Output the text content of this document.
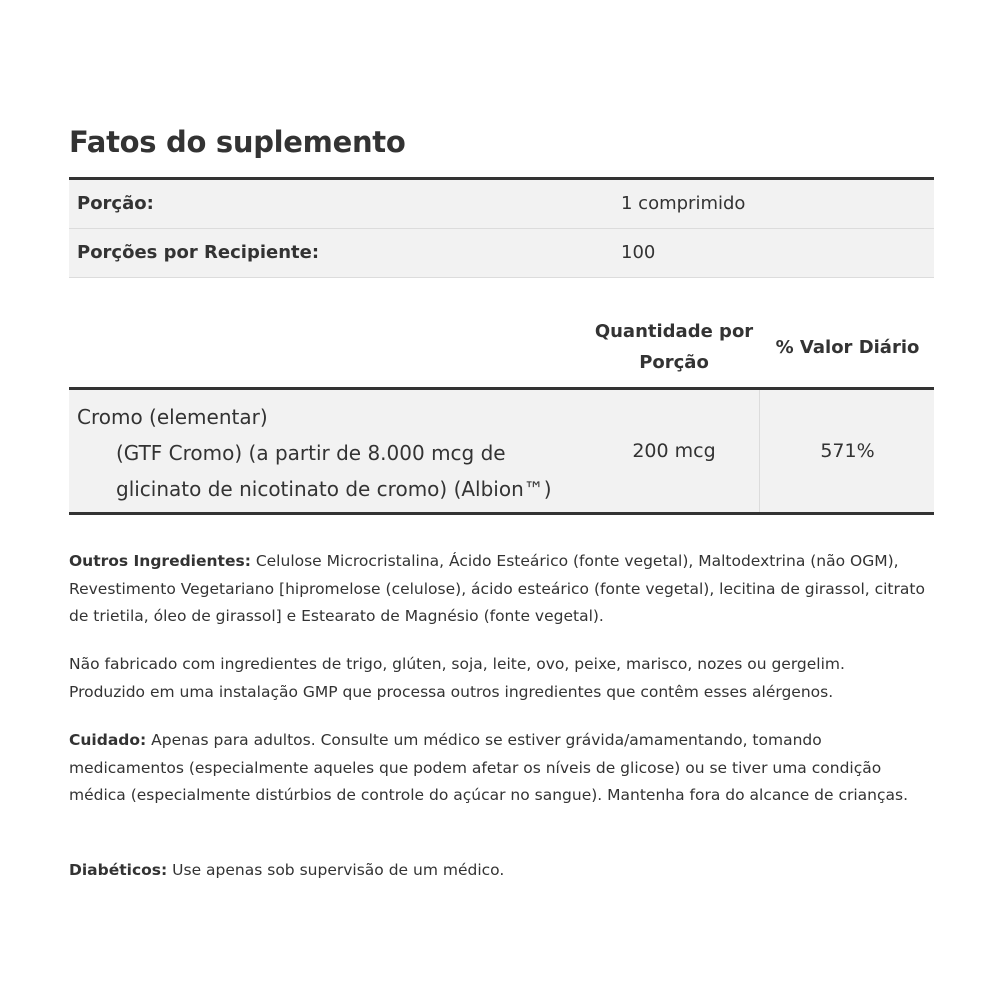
Fatos do suplemento
Porção:	1 comprimido
Porções por Recipiente:	100
Quantidade por
Porção
% Valor Diário
Cromo (elementar)
(GTF Cromo) (a partir de 8.000 mcg de
glicinato de nicotinato de cromo) (Albion™)
200 mcg	571%

Outros Ingredientes: Celulose Microcristalina, Ácido Esteárico (fonte vegetal), Maltodextrina (não OGM), Revestimento Vegetariano [hipromelose (celulose), ácido esteárico (fonte vegetal), lecitina de girassol, citrato de trietila, óleo de girassol] e Estearato de Magnésio (fonte vegetal).

Não fabricado com ingredientes de trigo, glúten, soja, leite, ovo, peixe, marisco, nozes ou gergelim.
Produzido em uma instalação GMP que processa outros ingredientes que contêm esses alérgenos.

Cuidado: Apenas para adultos. Consulte um médico se estiver grávida/amamentando, tomando medicamentos (especialmente aqueles que podem afetar os níveis de glicose) ou se tiver uma condição médica (especialmente distúrbios de controle do açúcar no sangue). Mantenha fora do alcance de crianças.

Diabéticos: Use apenas sob supervisão de um médico.
